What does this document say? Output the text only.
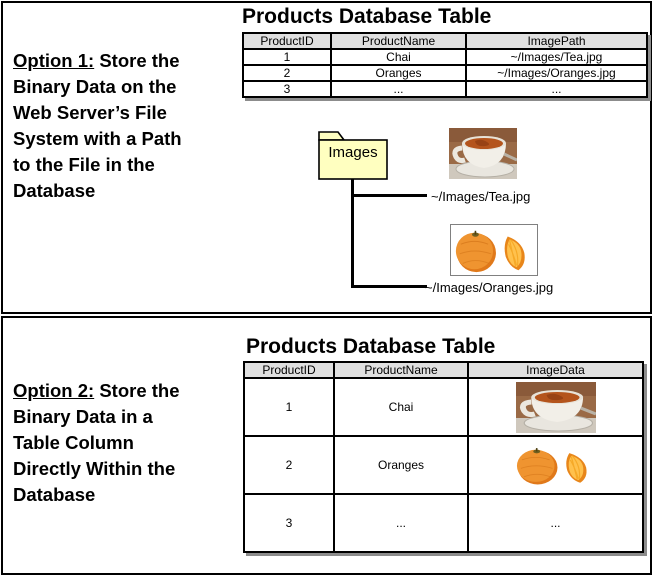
Option 1: Store the
Binary Data on the
Web Server’s File
System with a Path
to the File in the
Database
Products Database Table
ProductID	ProductName	ImagePath
1	Chai	~/Images/Tea.jpg
2	Oranges	~/Images/Oranges.jpg
3	...	...
Images
~/Images/Tea.jpg
~/Images/Oranges.jpg
Option 2: Store the
Binary Data in a
Table Column
Directly Within the
Database
Products Database Table
ProductID	ProductName	ImageData
1	Chai	
2	Oranges	
3	...	...
